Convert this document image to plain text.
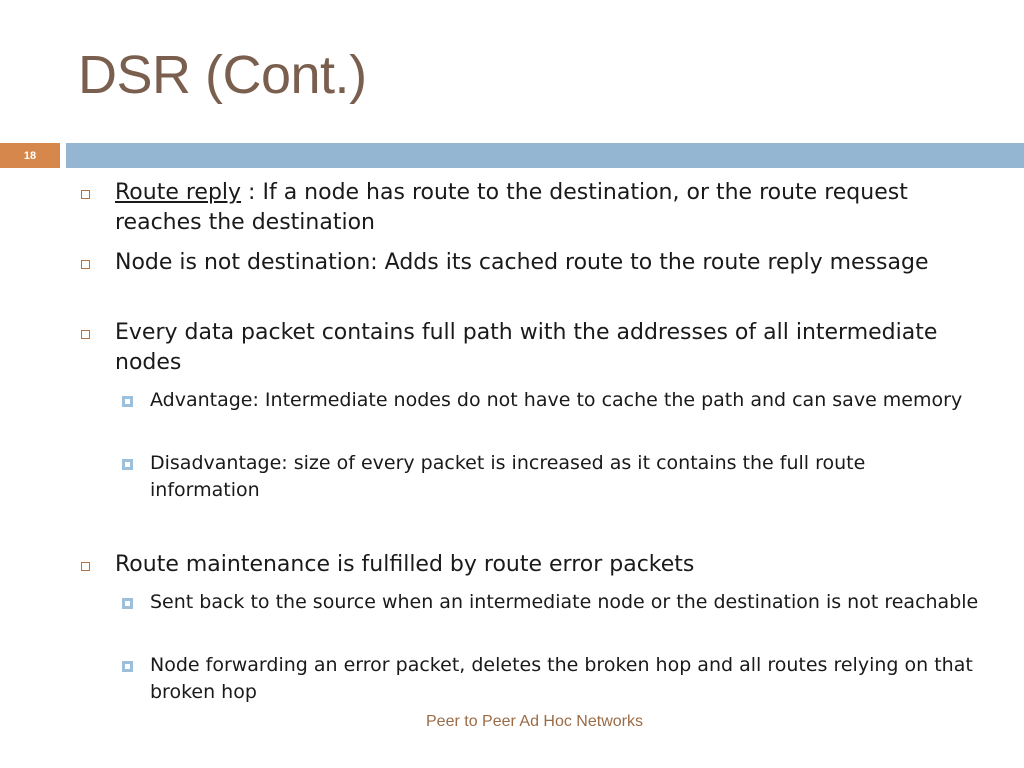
DSR (Cont.)
18
Route reply : If a node has route to the destination, or the route request reaches the destination
Node is not destination: Adds its cached route to the route reply message
Every data packet contains full path with the addresses of all intermediate nodes
Advantage: Intermediate nodes do not have to cache the path and can save memory
Disadvantage: size of every packet is increased as it contains the full route information
Route maintenance is fulfilled by route error packets
Sent back to the source when an intermediate node or the destination is not reachable
Node forwarding an error packet, deletes the broken hop and all routes relying on that broken hop
Peer to Peer Ad Hoc Networks
